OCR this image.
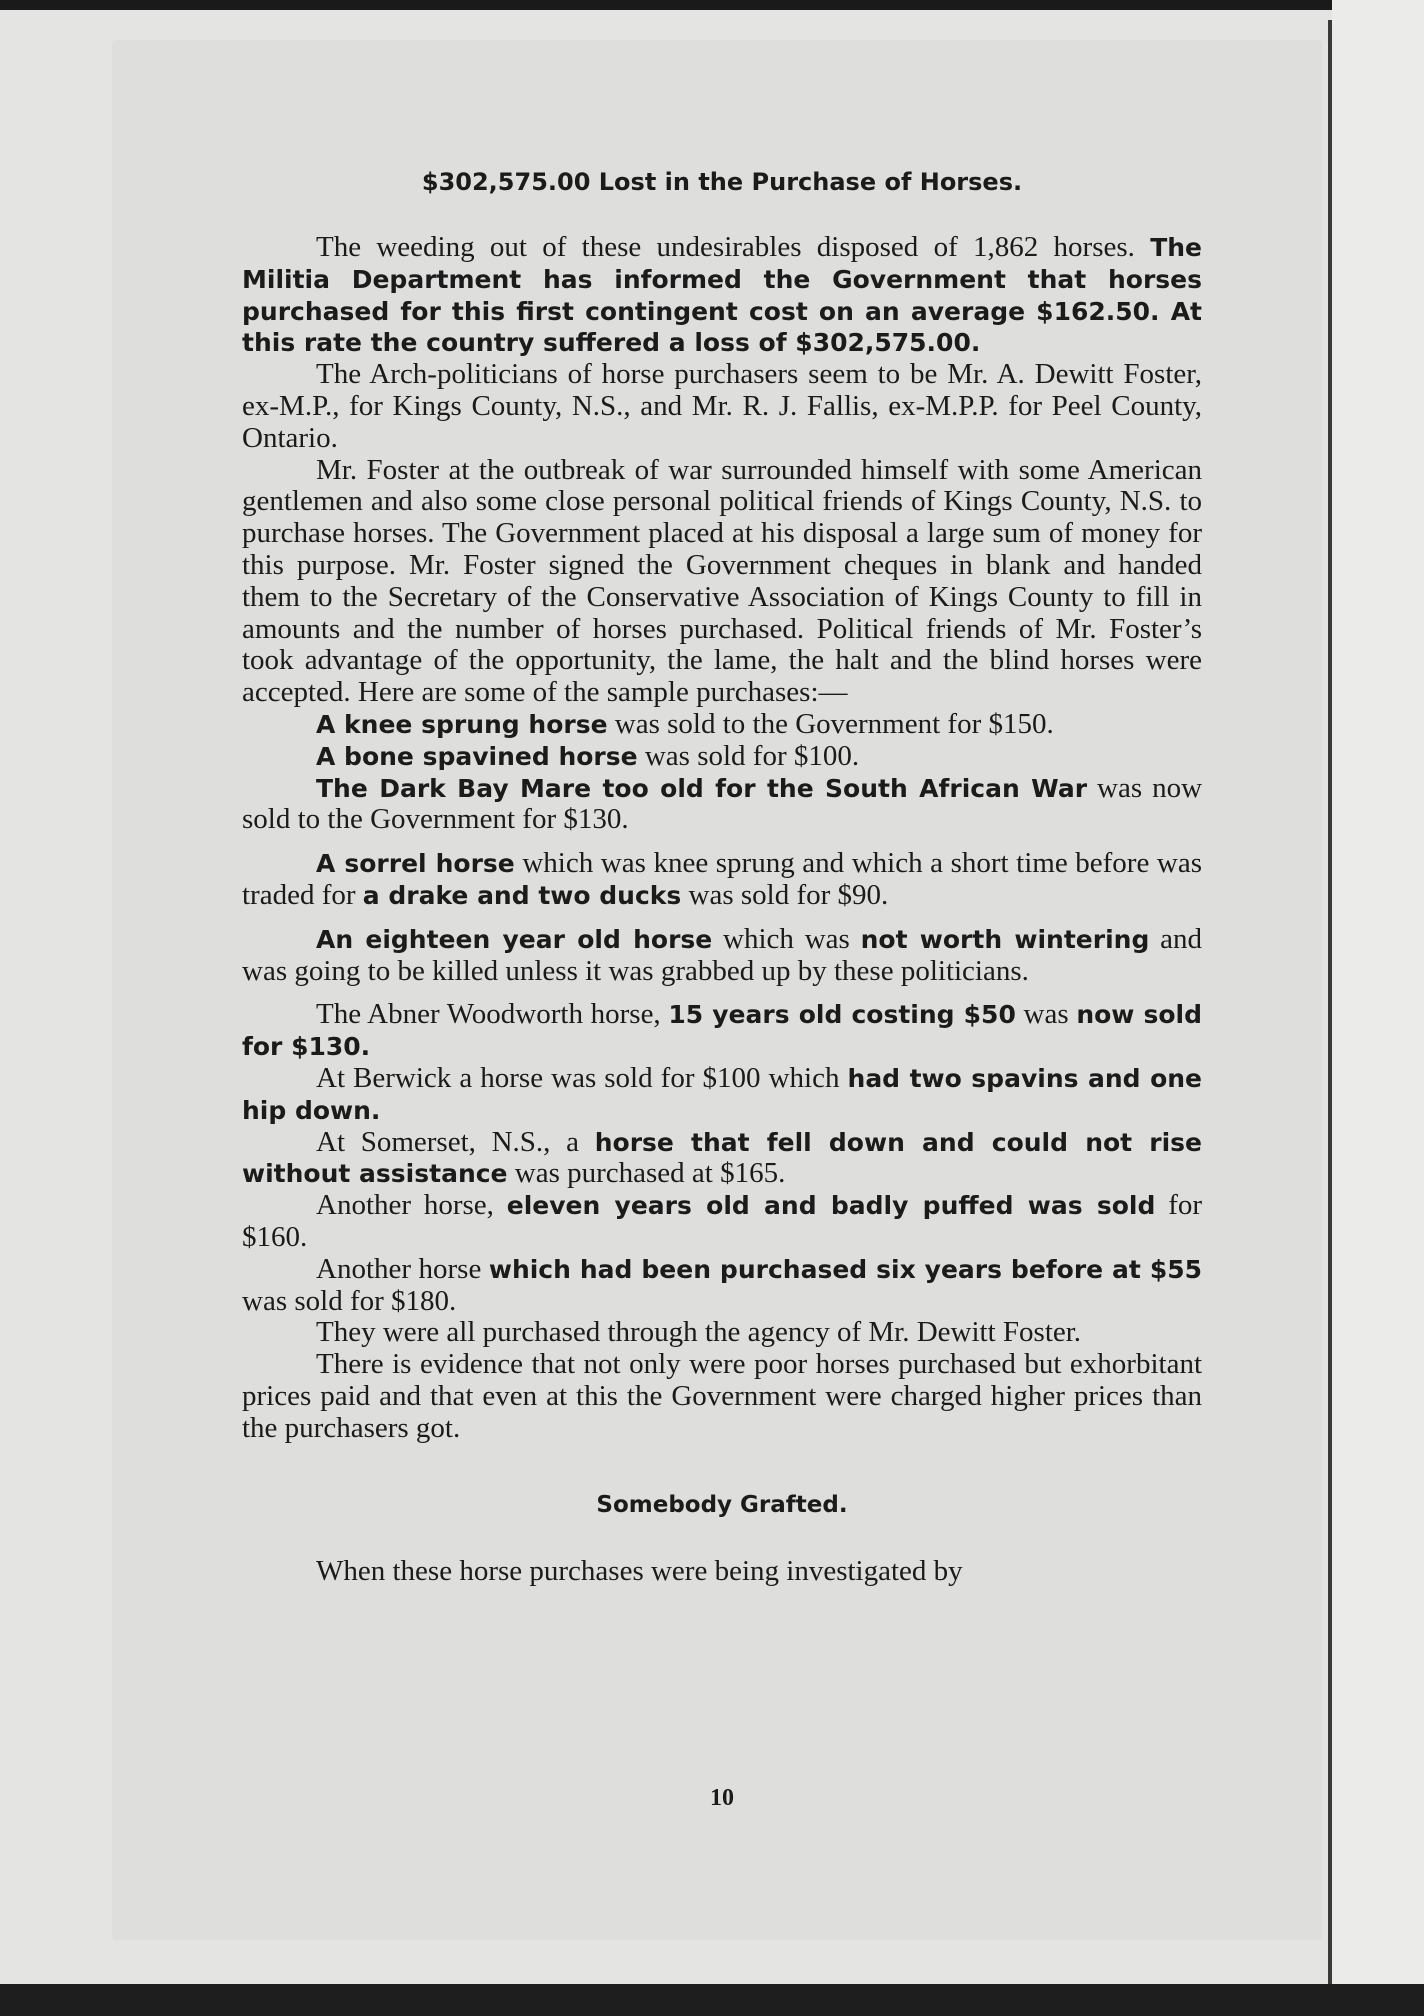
$302,575.00 Lost in the Purchase of Horses.

The weeding out of these undesirables disposed of 1,862 horses. The Militia Department has informed the Government that horses purchased for this first contingent cost on an average $162.50. At this rate the country suffered a loss of $302,575.00.

The Arch-politicians of horse purchasers seem to be Mr. A. Dewitt Foster, ex-M.P., for Kings County, N.S., and Mr. R. J. Fallis, ex-M.P.P. for Peel County, Ontario.

Mr. Foster at the outbreak of war surrounded himself with some American gentlemen and also some close personal political friends of Kings County, N.S. to purchase horses. The Government placed at his disposal a large sum of money for this purpose. Mr. Foster signed the Government cheques in blank and handed them to the Secretary of the Conservative Association of Kings County to fill in amounts and the number of horses purchased. Political friends of Mr. Foster’s took advantage of the opportunity, the lame, the halt and the blind horses were accepted. Here are some of the sample purchases:—

A knee sprung horse was sold to the Government for $150.

A bone spavined horse was sold for $100.

The Dark Bay Mare too old for the South African War was now sold to the Government for $130.

A sorrel horse which was knee sprung and which a short time before was traded for a drake and two ducks was sold for $90.

An eighteen year old horse which was not worth wintering and was going to be killed unless it was grabbed up by these politicians.

The Abner Woodworth horse, 15 years old costing $50 was now sold for $130.

At Berwick a horse was sold for $100 which had two spavins and one hip down.

At Somerset, N.S., a horse that fell down and could not rise without assistance was purchased at $165.

Another horse, eleven years old and badly puffed was sold for $160.

Another horse which had been purchased six years before at $55 was sold for $180.

They were all purchased through the agency of Mr. Dewitt Foster.

There is evidence that not only were poor horses purchased but exhorbitant prices paid and that even at this the Government were charged higher prices than the purchasers got.

Somebody Grafted.

When these horse purchases were being investigated by

10
